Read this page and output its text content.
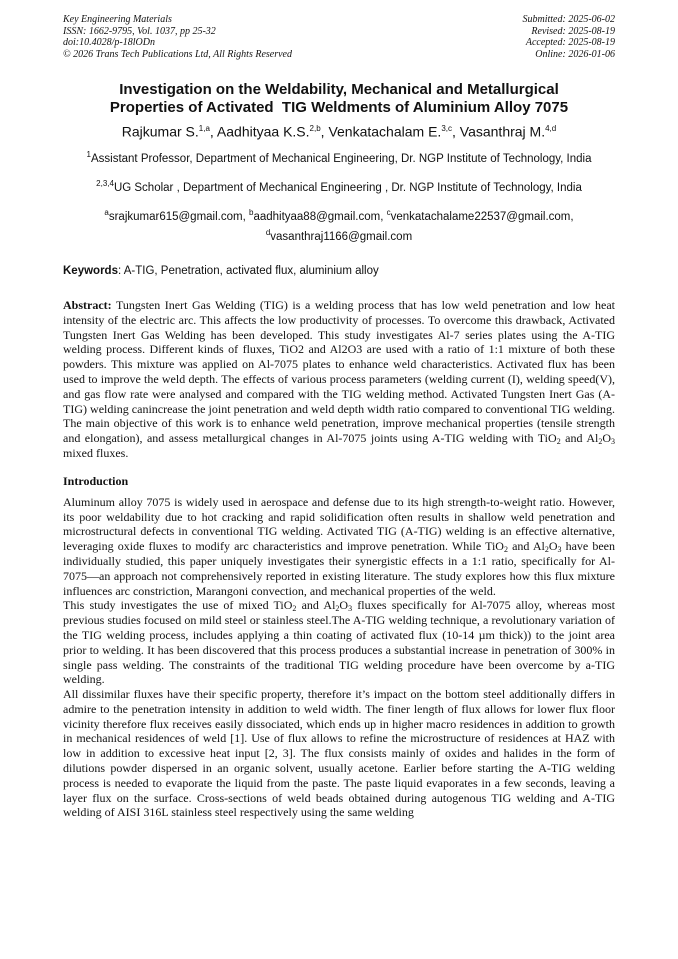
Key Engineering Materials
ISSN: 1662-9795, Vol. 1037, pp 25-32
doi:10.4028/p-18lODn
© 2026 Trans Tech Publications Ltd, All Rights Reserved
Submitted: 2025-06-02
Revised: 2025-08-19
Accepted: 2025-08-19
Online: 2026-01-06
Investigation on the Weldability, Mechanical and Metallurgical
Properties of Activated  TIG Weldments of Aluminium Alloy 7075
Rajkumar S.$^{1,a}$, Aadhityaa K.S.$^{2,b}$, Venkatachalam E.$^{3,c}$, Vasanthraj M.$^{4,d}$
$^1$Assistant Professor, Department of Mechanical Engineering, Dr. NGP Institute of Technology, India
$^{2,3,4}$UG Scholar , Department of Mechanical Engineering , Dr. NGP Institute of Technology, India
$^a$srajkumar615@gmail.com, $^b$aadhityaa88@gmail.com, $^c$venkatachalame22537@gmail.com,
$^d$vasanthraj1166@gmail.com
Keywords: A-TIG, Penetration, activated flux, aluminium alloy
Abstract: Tungsten Inert Gas Welding (TIG) is a welding process that has low weld penetration and low heat intensity of the electric arc. This affects the low productivity of processes. To overcome this drawback, Activated Tungsten Inert Gas Welding has been developed. This study investigates Al-7 series plates using the A-TIG welding process. Different kinds of fluxes, TiO2 and Al2O3 are used with a ratio of 1:1 mixture of both these powders. This mixture was applied on Al-7075 plates to enhance weld characteristics. Activated flux has been used to improve the weld depth. The effects of various process parameters (welding current (I), welding speed(V), and gas flow rate were analysed and compared with the TIG welding method. Activated Tungsten Inert Gas (A-TIG) welding canincrease the joint penetration and weld depth width ratio compared to conventional TIG welding. The main objective of this work is to enhance weld penetration, improve mechanical properties (tensile strength and elongation), and assess metallurgical changes in Al-7075 joints using A-TIG welding with TiO$_2$ and $Al_2O_3$ mixed fluxes.
Introduction
Aluminum alloy 7075 is widely used in aerospace and defense due to its high strength-to-weight ratio. However, its poor weldability due to hot cracking and rapid solidification often results in shallow weld penetration and microstructural defects in conventional TIG welding. Activated TIG (A-TIG) welding is an effective alternative, leveraging oxide fluxes to modify arc characteristics and improve penetration. While TiO$_2$ and $Al_2O_3$ have been individually studied, this paper uniquely investigates their synergistic effects in a 1:1 ratio, specifically for Al-7075—an approach not comprehensively reported in existing literature. The study explores how this flux mixture influences arc constriction, Marangoni convection, and mechanical properties of the weld.
This study investigates the use of mixed TiO$_2$ and $Al_2O_3$ fluxes specifically for Al-7075 alloy, whereas most previous studies focused on mild steel or stainless steel.The A-TIG welding technique, a revolutionary variation of the TIG welding process, includes applying a thin coating of activated flux (10-14 µm thick)) to the joint area prior to welding. It has been discovered that this process produces a substantial increase in penetration of 300% in single pass welding. The constraints of the traditional TIG welding procedure have been overcome by a-TIG welding.
All dissimilar fluxes have their specific property, therefore it’s impact on the bottom steel additionally differs in admire to the penetration intensity in addition to weld width. The finer length of flux allows for lower flux floor vicinity therefore flux receives easily dissociated, which ends up in higher macro residences in addition to growth in mechanical residences of weld [1]. Use of flux allows to refine the microstructure of residences at HAZ with low in addition to excessive heat input [2, 3]. The flux consists mainly of oxides and halides in the form of dilutions powder dispersed in an organic solvent, usually acetone. Earlier before starting the A-TIG welding process is needed to evaporate the liquid from the paste. The paste liquid evaporates in a few seconds, leaving a layer flux on the surface. Cross-sections of weld beads obtained during autogenous TIG welding and A-TIG welding of AISI 316L stainless steel respectively using the same welding
